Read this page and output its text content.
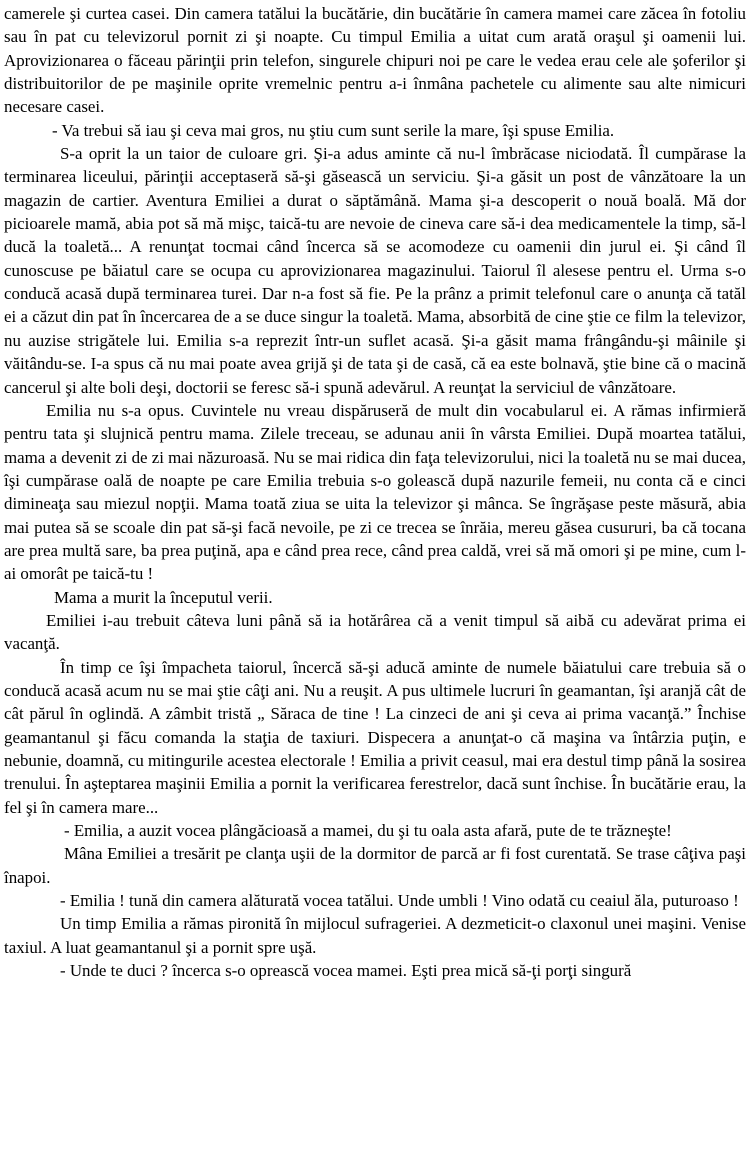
camerele şi curtea casei. Din camera tatălui la bucătărie, din bucătărie în camera mamei care zăcea în fotoliu sau în pat cu televizorul pornit zi şi noapte. Cu timpul Emilia a uitat cum arată oraşul şi oamenii lui. Aprovizionarea o făceau părinţii prin telefon, singurele chipuri noi pe care le vedea erau cele ale şoferilor şi distribuitorilor de pe maşinile oprite vremelnic pentru a-i înmâna pachetele cu alimente sau alte nimicuri necesare casei.

- Va trebui să iau şi ceva mai gros, nu ştiu cum sunt serile la mare, îşi spuse Emilia.

S-a oprit la un taior de culoare gri. Şi-a adus aminte că nu-l îmbrăcase niciodată. Îl cumpărase la terminarea liceului, părinţii acceptaseră să-şi găsească un serviciu. Şi-a găsit un post de vânzătoare la un magazin de cartier. Aventura Emiliei a durat o săptămână. Mama şi-a descoperit o nouă boală. Mă dor picioarele mamă, abia pot să mă mişc, taică-tu are nevoie de cineva care să-i dea medicamentele la timp, să-l ducă la toaletă... A renunţat tocmai când încerca să se acomodeze cu oamenii din jurul ei. Şi când îl cunoscuse pe băiatul care se ocupa cu aprovizionarea magazinului. Taiorul îl alesese pentru el. Urma s-o conducă acasă după terminarea turei. Dar n-a fost să fie. Pe la prânz a primit telefonul care o anunţa că tatăl ei a căzut din pat în încercarea de a se duce singur la toaletă. Mama, absorbită de cine ştie ce film la televizor, nu auzise strigătele lui. Emilia s-a reprezit într-un suflet acasă. Şi-a găsit mama frângându-şi mâinile şi văitându-se. I-a spus că nu mai poate avea grijă şi de tata şi de casă, că ea este bolnavă, ştie bine că o macină cancerul şi alte boli deşi, doctorii se feresc să-i spună adevărul. A reunţat la serviciul de vânzătoare.

Emilia nu s-a opus. Cuvintele nu vreau dispăruseră de mult din vocabularul ei. A rămas infirmieră pentru tata şi slujnică pentru mama. Zilele treceau, se adunau anii în vârsta Emiliei. După moartea tatălui, mama a devenit zi de zi mai năzuroasă. Nu se mai ridica din faţa televizorului, nici la toaletă nu se mai ducea, îşi cumpărase oală de noapte pe care Emilia trebuia s-o golească după nazurile femeii, nu conta că e cinci dimineaţa sau miezul nopţii. Mama toată ziua se uita la televizor şi mânca. Se îngrăşase peste măsură, abia mai putea să se scoale din pat să-şi facă nevoile, pe zi ce trecea se înrăia, mereu găsea cusururi, ba că tocana are prea multă sare, ba prea puţină, apa e când prea rece, când prea caldă, vrei să mă omori şi pe mine, cum l-ai omorât pe taică-tu !

Mama a murit la începutul verii.

Emiliei i-au trebuit câteva luni până să ia hotărârea că a venit timpul să aibă cu adevărat prima ei vacanţă.

În timp ce îşi împacheta taiorul, încercă să-şi aducă aminte de numele băiatului care trebuia să o conducă acasă acum nu se mai ştie câţi ani. Nu a reuşit. A pus ultimele lucruri în geamantan, îşi aranjă cât de cât părul în oglindă. A zâmbit tristă „ Săraca de tine ! La cinzeci de ani şi ceva ai prima vacanţă.” Închise geamantanul şi făcu comanda la staţia de taxiuri. Dispecera a anunţat-o că maşina va întârzia puţin, e nebunie, doamnă, cu mitingurile acestea electorale ! Emilia a privit ceasul, mai era destul timp până la sosirea trenului. În aşteptarea maşinii Emilia a pornit la verificarea ferestrelor, dacă sunt închise. În bucătărie erau, la fel şi în camera mare...

- Emilia, a auzit vocea plângăcioasă a mamei, du şi tu oala asta afară, pute de te trăzneşte!

Mâna Emiliei a tresărit pe clanţa uşii de la dormitor de parcă ar fi fost curentată. Se trase câţiva paşi înapoi.

- Emilia ! tună din camera alăturată vocea tatălui. Unde umbli ! Vino odată cu ceaiul ăla, puturoaso !

Un timp Emilia a rămas pironită în mijlocul sufrageriei. A dezmeticit-o claxonul unei maşini. Venise taxiul. A luat geamantanul şi a pornit spre uşă.

- Unde te duci ? încerca s-o oprească vocea mamei. Eşti prea mică să-ţi porţi singură
